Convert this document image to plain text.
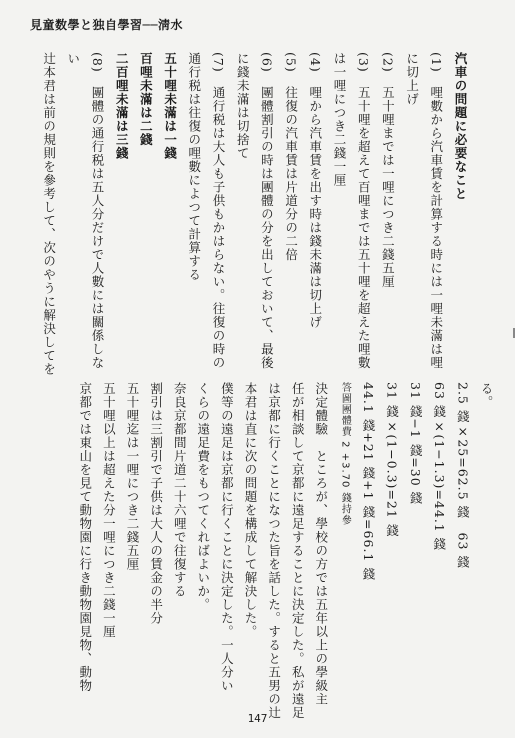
見童数學と独自學習──淸水
汽車の問題に必要なこと
(1)　哩數から汽車賃を計算する時には一哩未滿は哩
に切上げ
(2)　五十哩までは一哩につき二錢五厘
(3)　五十哩を超えて百哩までは五十哩を超えた哩數
は一哩につき二錢一厘
(4)　哩から汽車賃を出す時は錢未滿は切上げ
(5)　往復の汽車賃は片道分の二倍
(6)　團體割引の時は團體の分を出しておいて、最後
に錢未滿は切捨て
(7)　通行税は大人も子供もかはらない。往復の時の
通行税は往復の哩數によつて計算する
五十哩未滿は一錢
百哩未滿は二錢
二百哩未滿は三錢
(8)　團體の通行税は五人分だけで人數には關係しな
い
辻本君は前の規則を參考して、次のやうに解決してを
る。
2.5 錢×25=62.5 錢　63 錢
63 錢×(1−1.3)=44.1 錢
31 錢−1 錢=30 錢
31 錢×(1−0.3)=21 錢
44.1 錢+21 錢+1 錢=66.1 錢
答圖團體費 2 +3.70 錢持參
決定體驗　ところが、學校の方では五年以上の學級主
任が相談して京都に遠足することに決定した。私が遠足
は京都に行くことになつた旨を話した。すると五男の辻
本君は直に次の問題を構成して解決した。
僕等の遠足は京都に行くことに決定した。一人分い
くらの遠足費をもつてくればよいか。
奈良京都間片道二十六哩で往復する
割引は三割引で子供は大人の賃金の半分
五十哩迄は一哩につき二錢五厘
五十哩以上は超えた分一哩につき二錢一厘
京都では東山を見て動物園に行き動物園見物、動物
147
